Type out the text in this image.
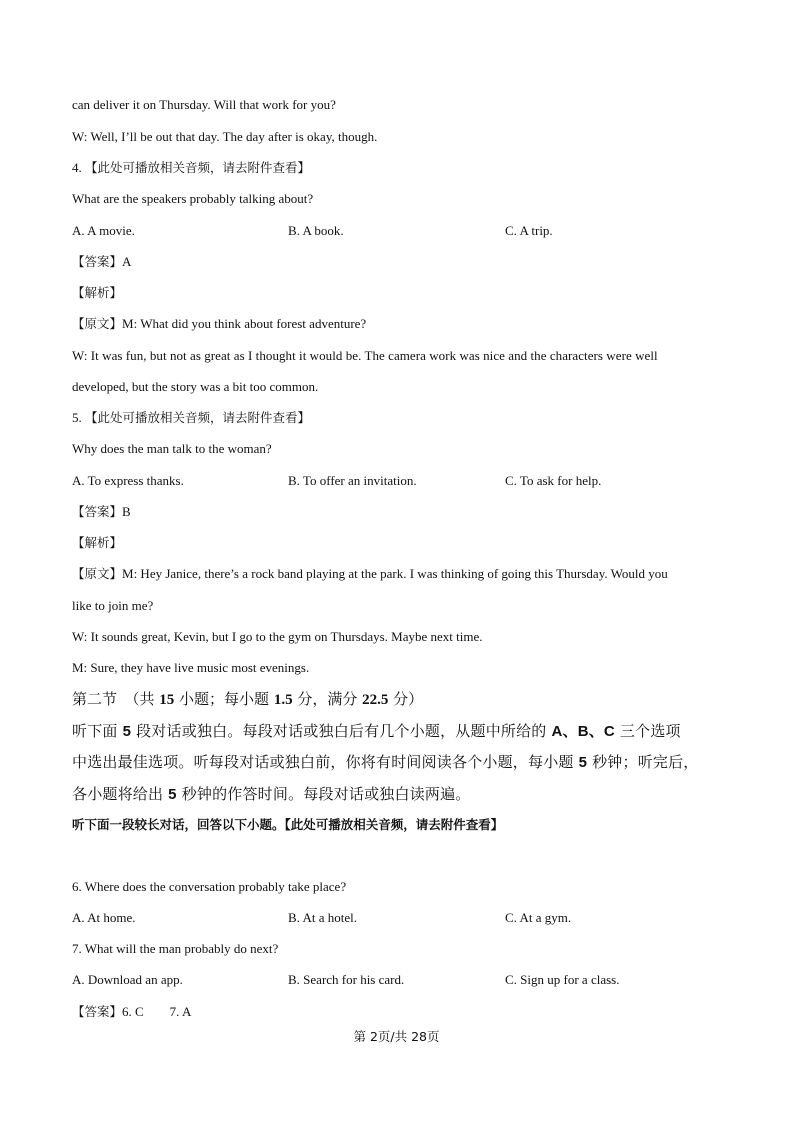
can deliver it on Thursday. Will that work for you?
W: Well, I’ll be out that day. The day after is okay, though.
4. 【此处可播放相关音频，请去附件查看】
What are the speakers probably talking about?
A. A movie.	B. A book.	C. A trip.
【答案】A
【解析】
【原文】M: What did you think about forest adventure?
W: It was fun, but not as great as I thought it would be. The camera work was nice and the characters were well
developed, but the story was a bit too common.
5. 【此处可播放相关音频，请去附件查看】
Why does the man talk to the woman?
A. To express thanks.	B. To offer an invitation.	C. To ask for help.
【答案】B
【解析】
【原文】M: Hey Janice, there’s a rock band playing at the park. I was thinking of going this Thursday. Would you
like to join me?
W: It sounds great, Kevin, but I go to the gym on Thursdays. Maybe next time.
M: Sure, they have live music most evenings.
第二节　（共 15 小题；每小题 1.5 分，满分 22.5 分）
听下面 5 段对话或独白。每段对话或独白后有几个小题，从题中所给的 A、B、C 三个选项
中选出最佳选项。听每段对话或独白前，你将有时间阅读各个小题，每小题 5 秒钟；听完后，
各小题将给出 5 秒钟的作答时间。每段对话或独白读两遍。
听下面一段较长对话，回答以下小题。【此处可播放相关音频，请去附件查看】
6. Where does the conversation probably take place?
A. At home.	B. At a hotel.	C. At a gym.
7. What will the man probably do next?
A. Download an app.	B. Search for his card.	C. Sign up for a class.
【答案】6. C　　7. A
第 2页/共 28页
